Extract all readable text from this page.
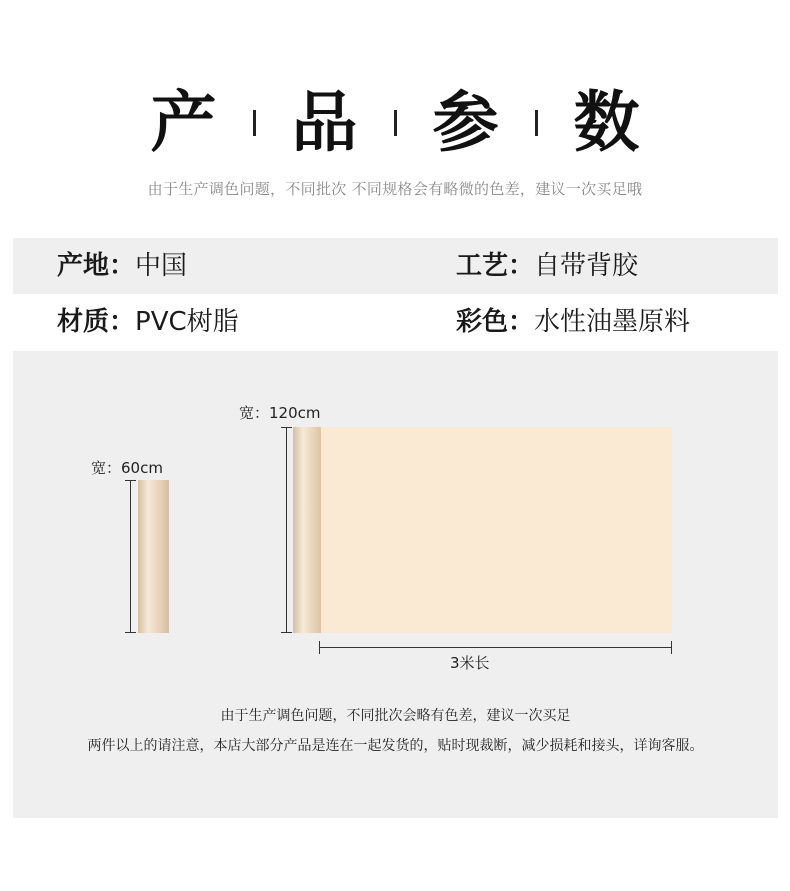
产 品 参 数
由于生产调色问题，不同批次 不同规格会有略微的色差，建议一次买足哦
产地：中国	工艺：自带背胶
材质：PVC树脂	彩色：水性油墨原料
宽：60cm
宽：120cm
3米长
由于生产调色问题，不同批次会略有色差，建议一次买足
两件以上的请注意，本店大部分产品是连在一起发货的，贴时现裁断，减少损耗和接头，详询客服。
